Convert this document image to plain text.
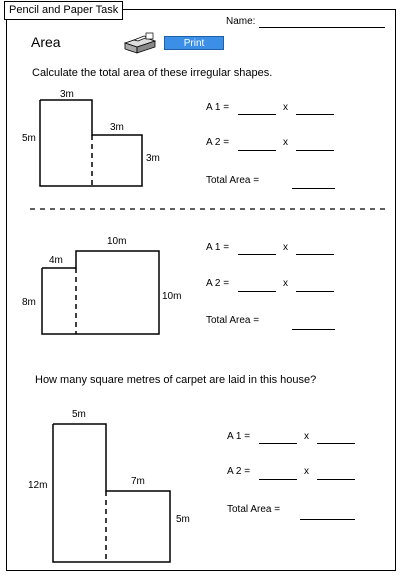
Pencil and Paper Task
Name:
Area	Print
Calculate the total area of these irregular shapes.
3m
5m
3m
3m
A 1 =	x
A 2 =	x
Total Area =
10m
4m
8m
10m
A 1 =	x
A 2 =	x
Total Area =
How many square metres of carpet are laid in this house?
5m
12m	7m
5m
A 1 =	x
A 2 =	x
Total Area =
